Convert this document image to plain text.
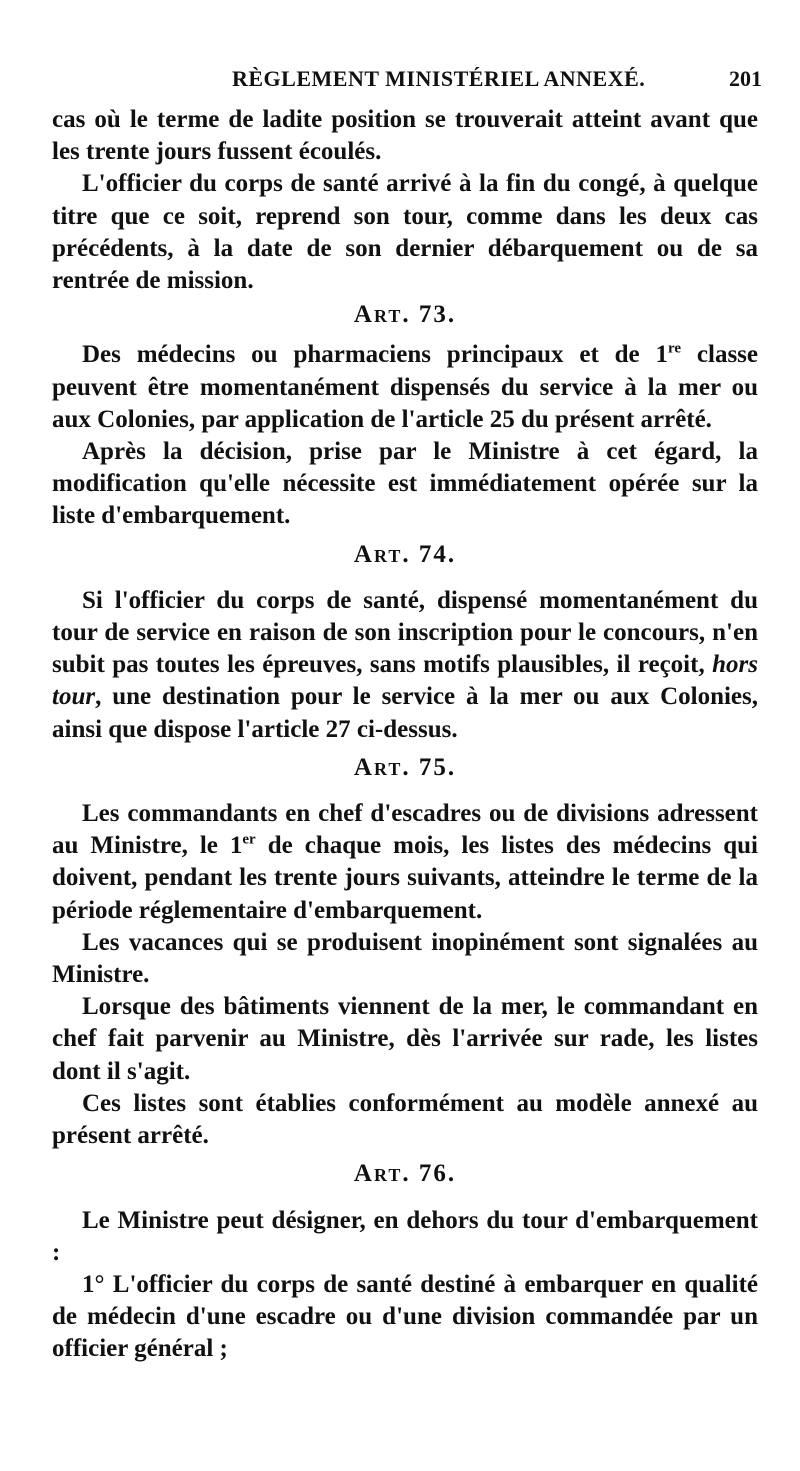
RÈGLEMENT MINISTÉRIEL ANNEXÉ.	201

cas où le terme de ladite position se trouverait atteint avant que les trente jours fussent écoulés.

L'officier du corps de santé arrivé à la fin du congé, à quelque titre que ce soit, reprend son tour, comme dans les deux cas précédents, à la date de son dernier débarquement ou de sa rentrée de mission.

Art. 73.

Des médecins ou pharmaciens principaux et de 1re classe peuvent être momentanément dispensés du service à la mer ou aux Colonies, par application de l'article 25 du présent arrêté.

Après la décision, prise par le Ministre à cet égard, la modification qu'elle nécessite est immédiatement opérée sur la liste d'embarquement.

Art. 74.

Si l'officier du corps de santé, dispensé momentanément du tour de service en raison de son inscription pour le concours, n'en subit pas toutes les épreuves, sans motifs plausibles, il reçoit, hors tour, une destination pour le service à la mer ou aux Colonies, ainsi que dispose l'article 27 ci-dessus.

Art. 75.

Les commandants en chef d'escadres ou de divisions adressent au Ministre, le 1er de chaque mois, les listes des médecins qui doivent, pendant les trente jours suivants, atteindre le terme de la période réglementaire d'embarquement.

Les vacances qui se produisent inopinément sont signalées au Ministre.

Lorsque des bâtiments viennent de la mer, le commandant en chef fait parvenir au Ministre, dès l'arrivée sur rade, les listes dont il s'agit.

Ces listes sont établies conformément au modèle annexé au présent arrêté.

Art. 76.

Le Ministre peut désigner, en dehors du tour d'embarquement :

1° L'officier du corps de santé destiné à embarquer en qualité de médecin d'une escadre ou d'une division commandée par un officier général ;
